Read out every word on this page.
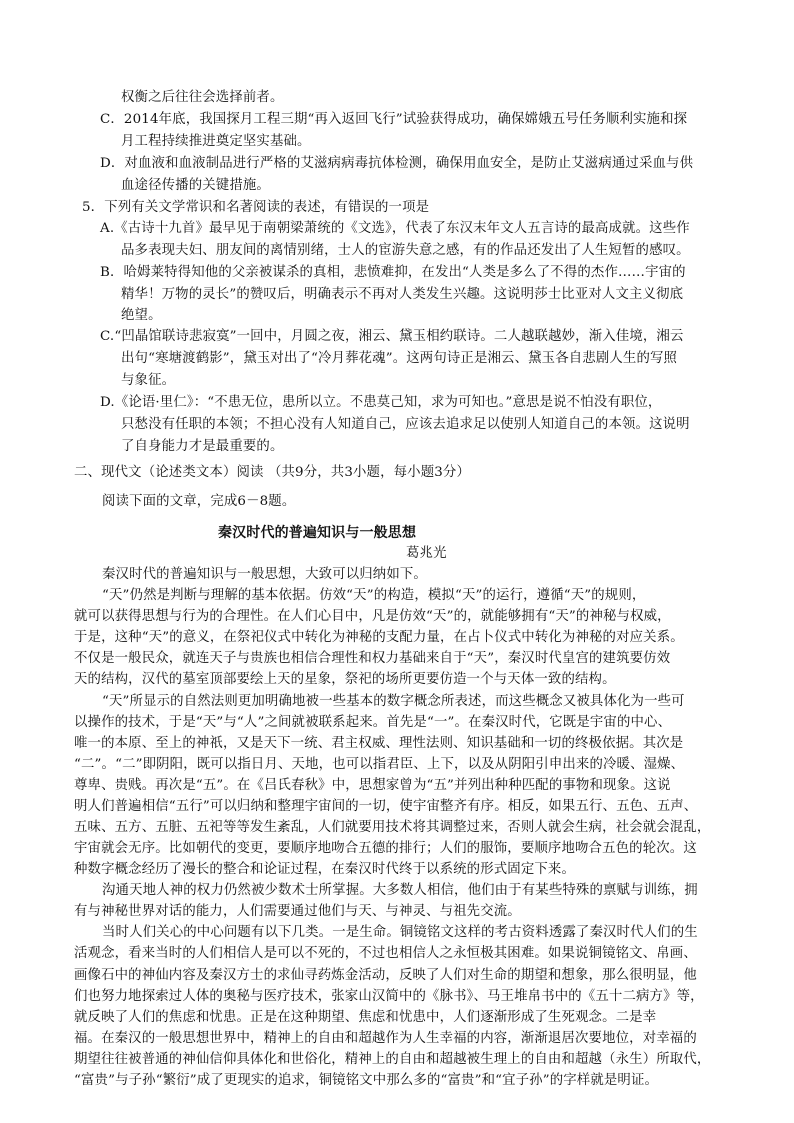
权衡之后往往会选择前者。
C．2014年底，我国探月工程三期“再入返回飞行”试验获得成功，确保嫦娥五号任务顺利实施和探
月工程持续推进奠定坚实基础。
D．对血液和血液制品进行严格的艾滋病病毒抗体检测，确保用血安全，是防止艾滋病通过采血与供
血途径传播的关键措施。
5．下列有关文学常识和名著阅读的表述，有错误的一项是
A.《古诗十九首》最早见于南朝梁萧统的《文选》，代表了东汉末年文人五言诗的最高成就。这些作
品多表现夫妇、朋友间的离情别绪，士人的宦游失意之感，有的作品还发出了人生短暂的感叹。
B．哈姆莱特得知他的父亲被谋杀的真相，悲愤难抑，在发出“人类是多么了不得的杰作……宇宙的
精华！万物的灵长”的赞叹后，明确表示不再对人类发生兴趣。这说明莎士比亚对人文主义彻底
绝望。
C.“凹晶馆联诗悲寂寞”一回中，月圆之夜，湘云、黛玉相约联诗。二人越联越妙，渐入佳境，湘云
出句“寒塘渡鹤影”，黛玉对出了“冷月葬花魂”。这两句诗正是湘云、黛玉各自悲剧人生的写照
与象征。
D.《论语·里仁》：“不患无位，患所以立。不患莫己知，求为可知也。”意思是说不怕没有职位，
只愁没有任职的本领；不担心没有人知道自己，应该去追求足以使别人知道自己的本领。这说明
了自身能力才是最重要的。
二、现代文（论述类文本）阅读 （共9分，共3小题，每小题3分）
阅读下面的文章，完成6－8题。
秦汉时代的普遍知识与一般思想
葛兆光
秦汉时代的普遍知识与一般思想，大致可以归纳如下。
“天”仍然是判断与理解的基本依据。仿效“天”的构造，模拟“天”的运行，遵循“天”的规则，
就可以获得思想与行为的合理性。在人们心目中，凡是仿效“天”的，就能够拥有“天”的神秘与权威，
于是，这种“天”的意义，在祭祀仪式中转化为神秘的支配力量，在占卜仪式中转化为神秘的对应关系。
不仅是一般民众，就连天子与贵族也相信合理性和权力基础来自于“天”，秦汉时代皇宫的建筑要仿效
天的结构，汉代的墓室顶部要绘上天的星象，祭祀的场所更要仿造一个与天体一致的结构。
“天”所显示的自然法则更加明确地被一些基本的数字概念所表述，而这些概念又被具体化为一些可
以操作的技术，于是“天”与“人”之间就被联系起来。首先是“一”。在秦汉时代，它既是宇宙的中心、
唯一的本原、至上的神祇，又是天下一统、君主权威、理性法则、知识基础和一切的终极依据。其次是
“二”。“二”即阴阳，既可以指日月、天地，也可以指君臣、上下，以及从阴阳引申出来的冷暖、湿燥、
尊卑、贵贱。再次是“五”。在《吕氏春秋》中，思想家曾为“五”并列出种种匹配的事物和现象。这说
明人们普遍相信“五行”可以归纳和整理宇宙间的一切，使宇宙整齐有序。相反，如果五行、五色、五声、
五味、五方、五脏、五祀等等发生紊乱，人们就要用技术将其调整过来，否则人就会生病，社会就会混乱，
宇宙就会无序。比如朝代的变更，要顺序地吻合五德的排行；人们的服饰，要顺序地吻合五色的轮次。这
种数字概念经历了漫长的整合和论证过程，在秦汉时代终于以系统的形式固定下来。
沟通天地人神的权力仍然被少数术士所掌握。大多数人相信，他们由于有某些特殊的禀赋与训练，拥
有与神秘世界对话的能力，人们需要通过他们与天、与神灵、与祖先交流。
当时人们关心的中心问题有以下几类。一是生命。铜镜铭文这样的考古资料透露了秦汉时代人们的生
活观念，看来当时的人们相信人是可以不死的，不过也相信人之永恒极其困难。如果说铜镜铭文、帛画、
画像石中的神仙内容及秦汉方士的求仙寻药炼金活动，反映了人们对生命的期望和想象，那么很明显，他
们也努力地探索过人体的奥秘与医疗技术，张家山汉简中的《脉书》、马王堆帛书中的《五十二病方》等，
就反映了人们的焦虑和忧患。正是在这种期望、焦虑和忧患中，人们逐渐形成了生死观念。二是幸
福。在秦汉的一般思想世界中，精神上的自由和超越作为人生幸福的内容，渐渐退居次要地位，对幸福的
期望往往被普通的神仙信仰具体化和世俗化，精神上的自由和超越被生理上的自由和超越（永生）所取代，
“富贵”与子孙“繁衍”成了更现实的追求，铜镜铭文中那么多的“富贵”和“宜子孙”的字样就是明证。
